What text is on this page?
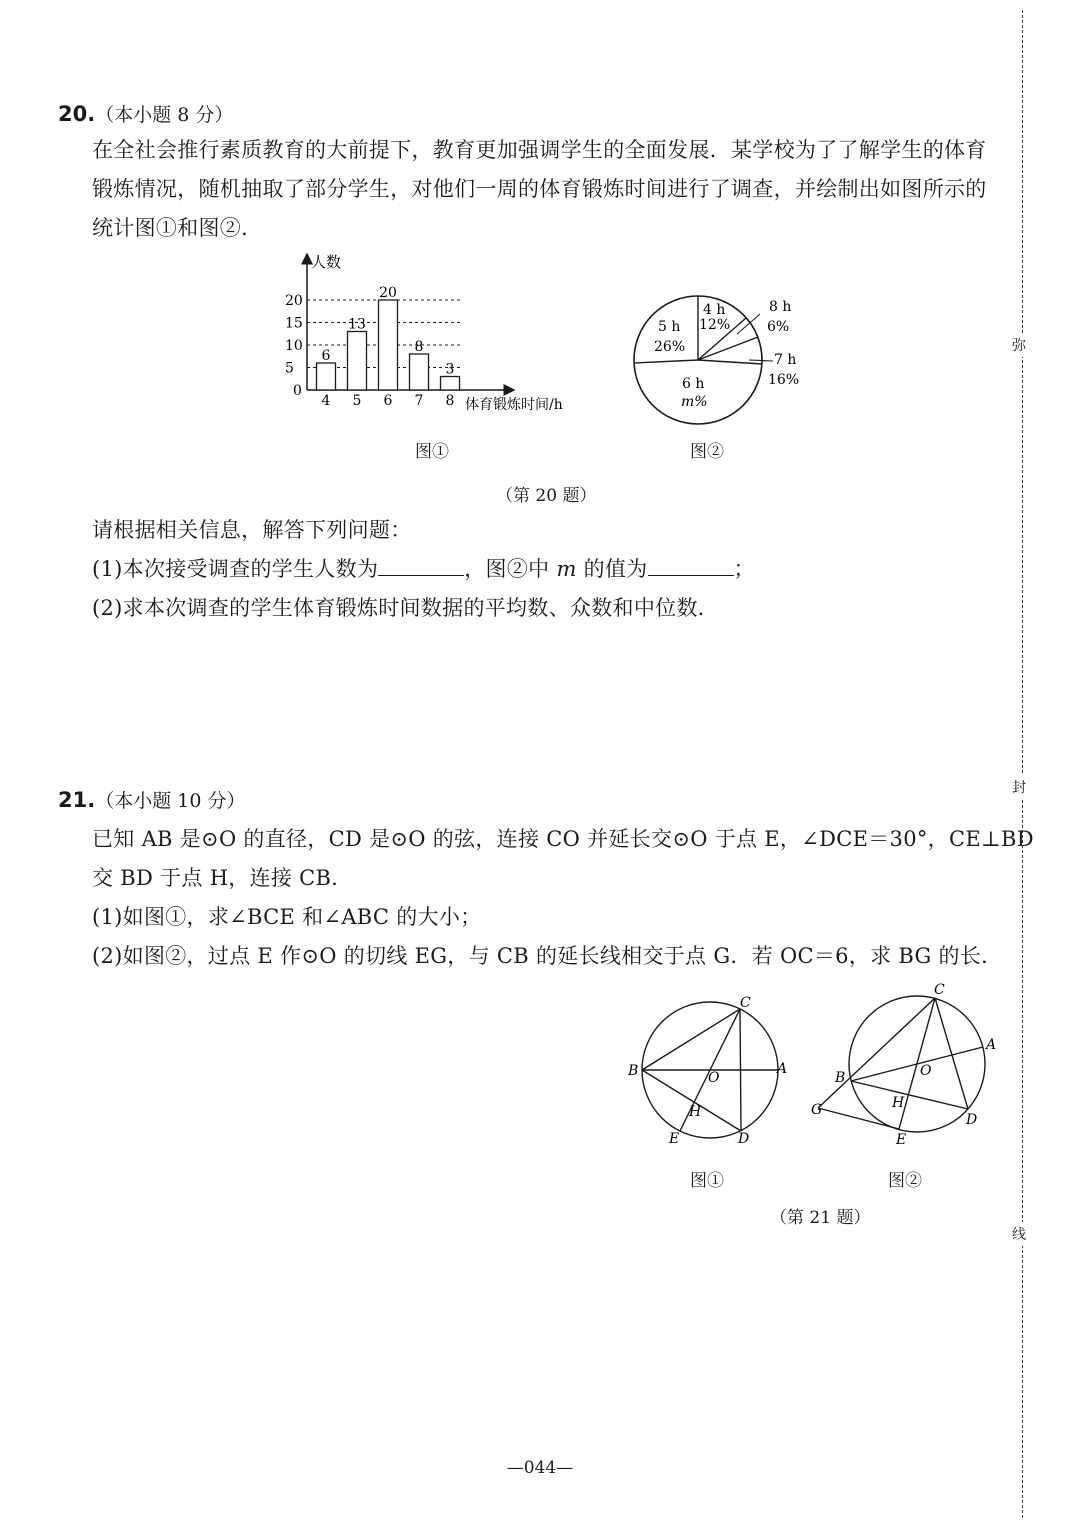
20.（本小题 8 分）
在全社会推行素质教育的大前提下，教育更加强调学生的全面发展．某学校为了了解学生的体育锻炼情况，随机抽取了部分学生，对他们一周的体育锻炼时间进行了调查，并绘制出如图所示的统计图①和图②．
人数
体育锻炼时间/h
0
5
10
15
20
6
4
13
5
20
6
8
7
3
8
图①
5 h
26%
4 h
12%
8 h
6%
7 h
16%
6 h
m%
图②
（第 20 题）
请根据相关信息，解答下列问题：
(1)本次接受调查的学生人数为	，图②中 m 的值为	；
(2)求本次调查的学生体育锻炼时间数据的平均数、众数和中位数．
21.（本小题 10 分）
已知 AB 是⊙O 的直径，CD 是⊙O 的弦，连接 CO 并延长交⊙O 于点 E，∠DCE＝30°，CE⊥BD
交 BD 于点 H，连接 CB．
(1)如图①，求∠BCE 和∠ABC 的大小；
(2)如图②，过点 E 作⊙O 的切线 EG，与 CB 的延长线相交于点 G．若 OC＝6，求 BG 的长．
C
B	A
O
H
E	D
C
A
B	O
H
G
E
D
图①	图②
（第 21 题）
弥
封
线
—044—
